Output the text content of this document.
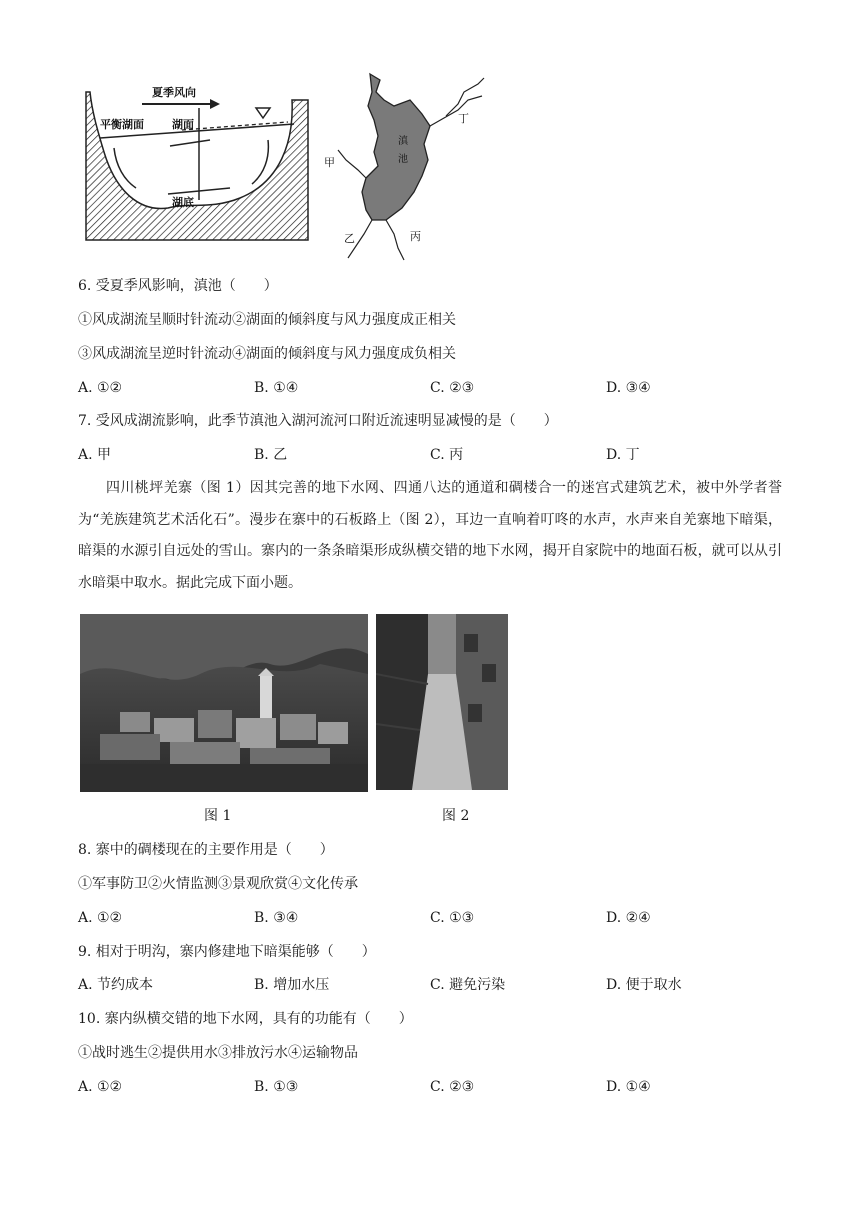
夏季风向
平衡湖面	湖面
湖底
滇
池
丁
甲
乙	丙
6. 受夏季风影响，滇池（　　）
①风成湖流呈顺时针流动②湖面的倾斜度与风力强度成正相关
③风成湖流呈逆时针流动④湖面的倾斜度与风力强度成负相关
A. ①②	B. ①④	C. ②③	D. ③④
7. 受风成湖流影响，此季节滇池入湖河流河口附近流速明显减慢的是（　　）
A. 甲	B. 乙	C. 丙	D. 丁
四川桃坪羌寨（图 1）因其完善的地下水网、四通八达的通道和碉楼合一的迷宫式建筑艺术，被中外学者誉为“羌族建筑艺术活化石”。漫步在寨中的石板路上（图 2），耳边一直响着叮咚的水声，水声来自羌寨地下暗渠，暗渠的水源引自远处的雪山。寨内的一条条暗渠形成纵横交错的地下水网，揭开自家院中的地面石板，就可以从引水暗渠中取水。据此完成下面小题。
图 1	图 2
8. 寨中的碉楼现在的主要作用是（　　）
①军事防卫②火情监测③景观欣赏④文化传承
A. ①②	B. ③④	C. ①③	D. ②④
9. 相对于明沟，寨内修建地下暗渠能够（　　）
A. 节约成本	B. 增加水压	C. 避免污染	D. 便于取水
10. 寨内纵横交错的地下水网，具有的功能有（　　）
①战时逃生②提供用水③排放污水④运输物品
A. ①②	B. ①③	C. ②③	D. ①④
